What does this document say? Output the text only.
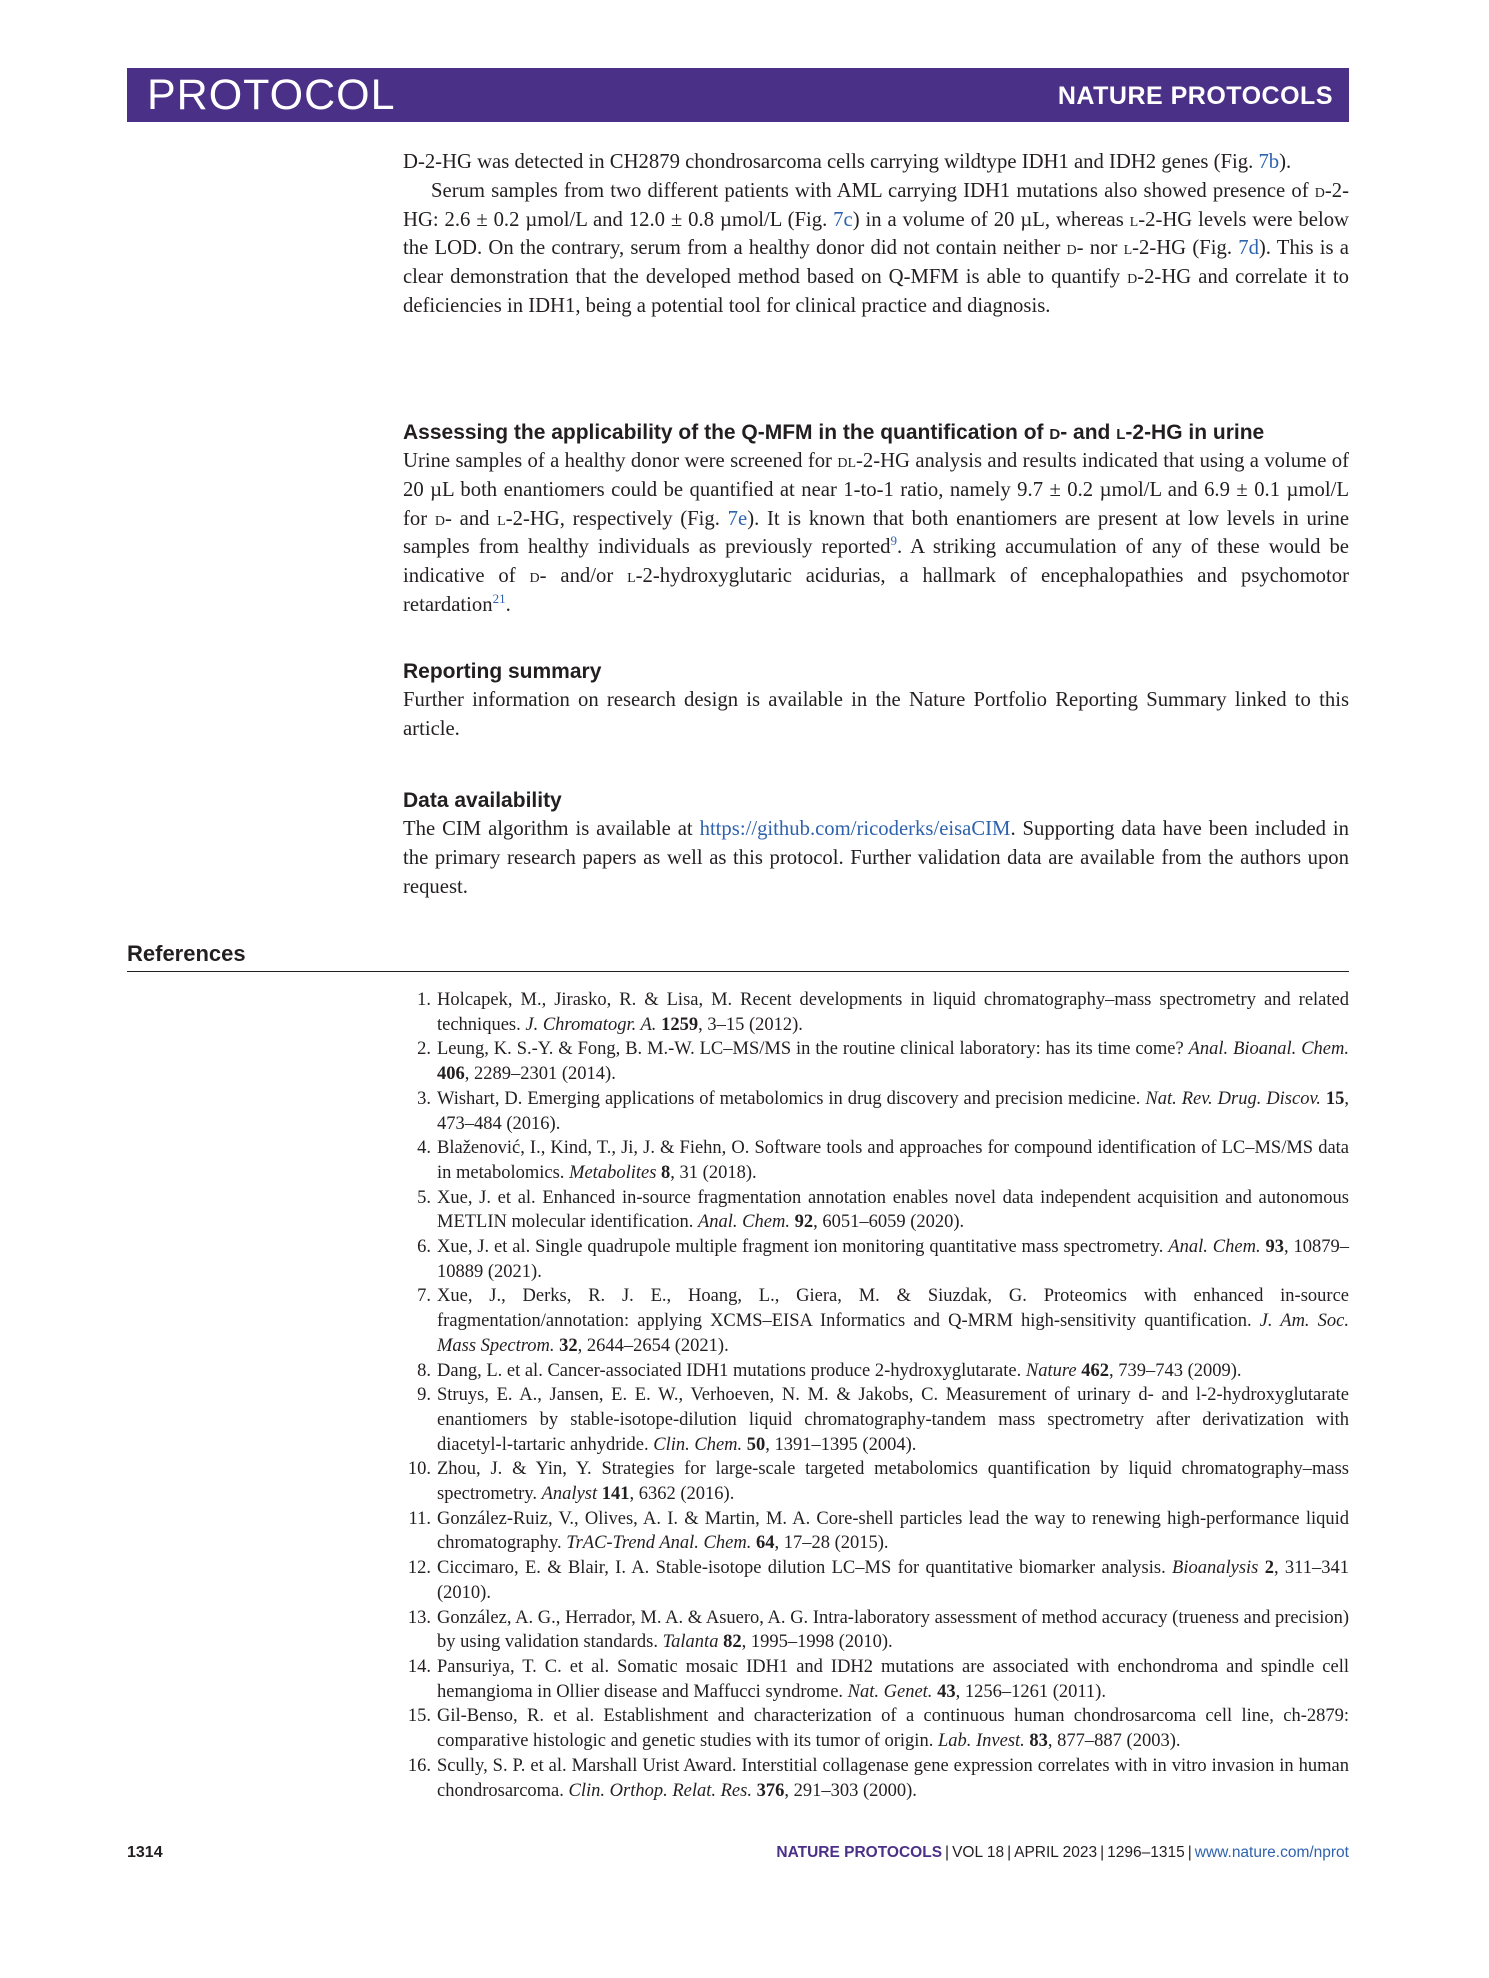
PROTOCOL	NATURE PROTOCOLS

D-2-HG was detected in CH2879 chondrosarcoma cells carrying wildtype IDH1 and IDH2 genes (Fig. 7b).

Serum samples from two different patients with AML carrying IDH1 mutations also showed presence of d-2-HG: 2.6 ± 0.2 µmol/L and 12.0 ± 0.8 µmol/L (Fig. 7c) in a volume of 20 µL, whereas l-2-HG levels were below the LOD. On the contrary, serum from a healthy donor did not contain neither d- nor l-2-HG (Fig. 7d). This is a clear demonstration that the developed method based on Q-MFM is able to quantify d-2-HG and correlate it to deficiencies in IDH1, being a potential tool for clinical practice and diagnosis.

Assessing the applicability of the Q-MFM in the quantification of d- and l-2-HG in urine

Urine samples of a healthy donor were screened for dl-2-HG analysis and results indicated that using a volume of 20 µL both enantiomers could be quantified at near 1-to-1 ratio, namely 9.7 ± 0.2 µmol/L and 6.9 ± 0.1 µmol/L for d- and l-2-HG, respectively (Fig. 7e). It is known that both enantiomers are present at low levels in urine samples from healthy individuals as previously reported$^9$. A striking accumulation of any of these would be indicative of d- and/or l-2-hydroxyglutaric acidurias, a hallmark of encephalopathies and psychomotor retardation$^{21}$.

Reporting summary

Further information on research design is available in the Nature Portfolio Reporting Summary linked to this article.

Data availability

The CIM algorithm is available at https://github.com/ricoderks/eisaCIM. Supporting data have been included in the primary research papers as well as this protocol. Further validation data are available from the authors upon request.

References
1. Holcapek, M., Jirasko, R. & Lisa, M. Recent developments in liquid chromatography–mass spectrometry and related techniques. J. Chromatogr. A. 1259, 3–15 (2012).
2. Leung, K. S.-Y. & Fong, B. M.-W. LC–MS/MS in the routine clinical laboratory: has its time come? Anal. Bioanal. Chem. 406, 2289–2301 (2014).
3. Wishart, D. Emerging applications of metabolomics in drug discovery and precision medicine. Nat. Rev. Drug. Discov. 15, 473–484 (2016).
4. Blaženović, I., Kind, T., Ji, J. & Fiehn, O. Software tools and approaches for compound identification of LC–MS/MS data in metabolomics. Metabolites 8, 31 (2018).
5. Xue, J. et al. Enhanced in-source fragmentation annotation enables novel data independent acquisition and autonomous METLIN molecular identification. Anal. Chem. 92, 6051–6059 (2020).
6. Xue, J. et al. Single quadrupole multiple fragment ion monitoring quantitative mass spectrometry. Anal. Chem. 93, 10879–10889 (2021).
7. Xue, J., Derks, R. J. E., Hoang, L., Giera, M. & Siuzdak, G. Proteomics with enhanced in-source fragmentation/annotation: applying XCMS–EISA Informatics and Q-MRM high-sensitivity quantification. J. Am. Soc. Mass Spectrom. 32, 2644–2654 (2021).
8. Dang, L. et al. Cancer-associated IDH1 mutations produce 2-hydroxyglutarate. Nature 462, 739–743 (2009).
9. Struys, E. A., Jansen, E. E. W., Verhoeven, N. M. & Jakobs, C. Measurement of urinary d- and l-2-hydroxyglutarate enantiomers by stable-isotope-dilution liquid chromatography-tandem mass spectrometry after derivatization with diacetyl-l-tartaric anhydride. Clin. Chem. 50, 1391–1395 (2004).
10. Zhou, J. & Yin, Y. Strategies for large-scale targeted metabolomics quantification by liquid chromatography–mass spectrometry. Analyst 141, 6362 (2016).
11. González-Ruiz, V., Olives, A. I. & Martin, M. A. Core-shell particles lead the way to renewing high-performance liquid chromatography. TrAC-Trend Anal. Chem. 64, 17–28 (2015).
12. Ciccimaro, E. & Blair, I. A. Stable-isotope dilution LC–MS for quantitative biomarker analysis. Bioanalysis 2, 311–341 (2010).
13. González, A. G., Herrador, M. A. & Asuero, A. G. Intra-laboratory assessment of method accuracy (trueness and precision) by using validation standards. Talanta 82, 1995–1998 (2010).
14. Pansuriya, T. C. et al. Somatic mosaic IDH1 and IDH2 mutations are associated with enchondroma and spindle cell hemangioma in Ollier disease and Maffucci syndrome. Nat. Genet. 43, 1256–1261 (2011).
15. Gil-Benso, R. et al. Establishment and characterization of a continuous human chondrosarcoma cell line, ch-2879: comparative histologic and genetic studies with its tumor of origin. Lab. Invest. 83, 877–887 (2003).
16. Scully, S. P. et al. Marshall Urist Award. Interstitial collagenase gene expression correlates with in vitro invasion in human chondrosarcoma. Clin. Orthop. Relat. Res. 376, 291–303 (2000).
1314	NATURE PROTOCOLS | VOL 18 | APRIL 2023 | 1296–1315 | www.nature.com/nprot
